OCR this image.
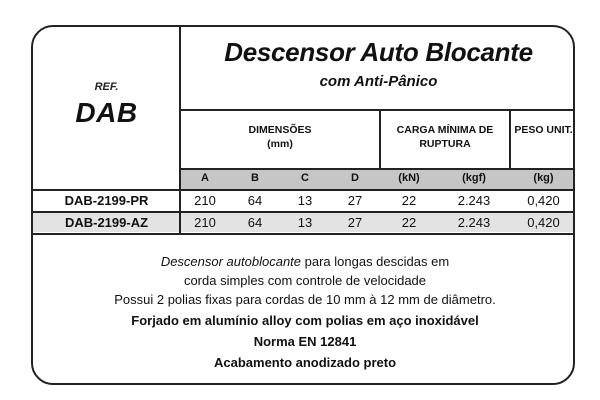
REF.
DAB
Descensor Auto Blocante
com Anti-Pânico
DIMENSÕES
(mm)
CARGA MÍNIMA DE RUPTURA
PESO UNIT.
A	B	C	D	(kN)	(kgf)	(kg)
DAB-2199-PR	210	64	13	27	22	2.243	0,420
DAB-2199-AZ	210	64	13	27	22	2.243	0,420
Descensor autoblocante para longas descidas em
corda simples com controle de velocidade
Possui 2 polias fixas para cordas de 10 mm à 12 mm de diâmetro.
Forjado em alumínio alloy com polias em aço inoxidável
Norma EN 12841
Acabamento anodizado preto
